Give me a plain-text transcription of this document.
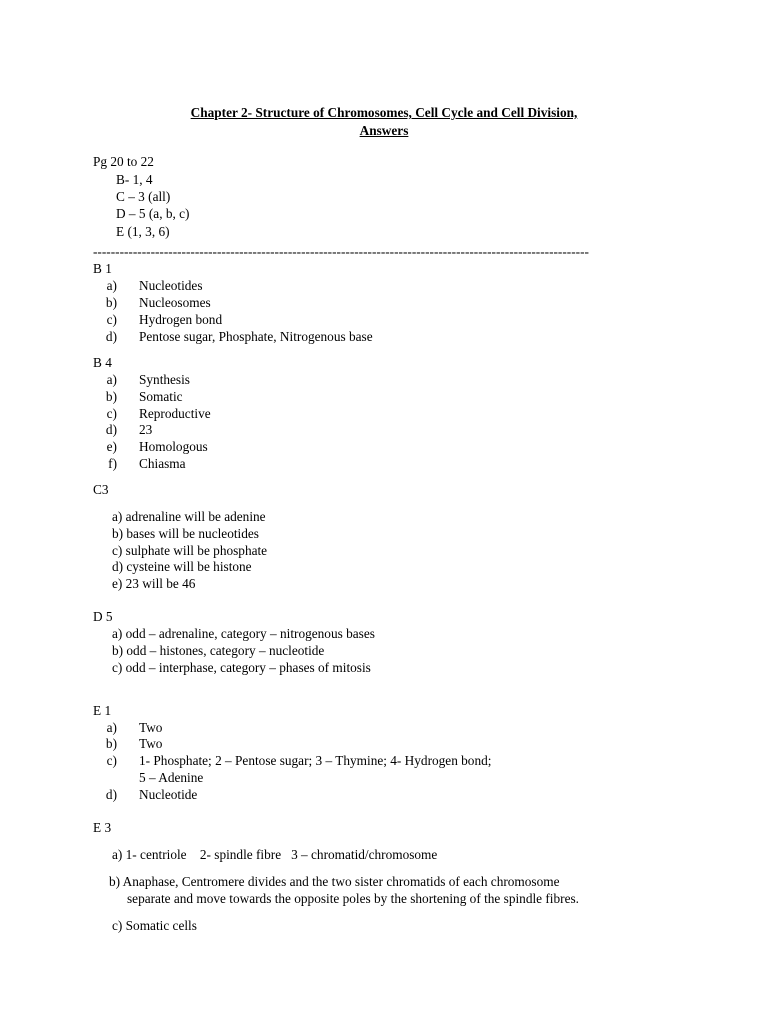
Chapter 2- Structure of Chromosomes, Cell Cycle and Cell Division,
Answers
Pg 20 to 22
B- 1, 4
C – 3 (all)
D – 5 (a, b, c)
E (1, 3, 6)
----------------------------------------------------------------------------------------------------------------
B 1
a) Nucleotides
b) Nucleosomes
c) Hydrogen bond
d) Pentose sugar, Phosphate, Nitrogenous base
B 4
a) Synthesis
b) Somatic
c) Reproductive
d) 23
e) Homologous
f) Chiasma
C3
a) adrenaline will be adenine
b) bases will be nucleotides
c) sulphate will be phosphate
d) cysteine will be histone
e) 23 will be 46
D 5
a) odd – adrenaline, category – nitrogenous bases
b) odd – histones, category – nucleotide
c) odd – interphase, category – phases of mitosis
E 1
a) Two
b) Two
c) 1- Phosphate; 2 – Pentose sugar; 3 – Thymine; 4- Hydrogen bond;
5 – Adenine
d) Nucleotide
E 3
a) 1- centriole    2- spindle fibre   3 – chromatid/chromosome
b) Anaphase, Centromere divides and the two sister chromatids of each chromosome
separate and move towards the opposite poles by the shortening of the spindle fibres.
c) Somatic cells
